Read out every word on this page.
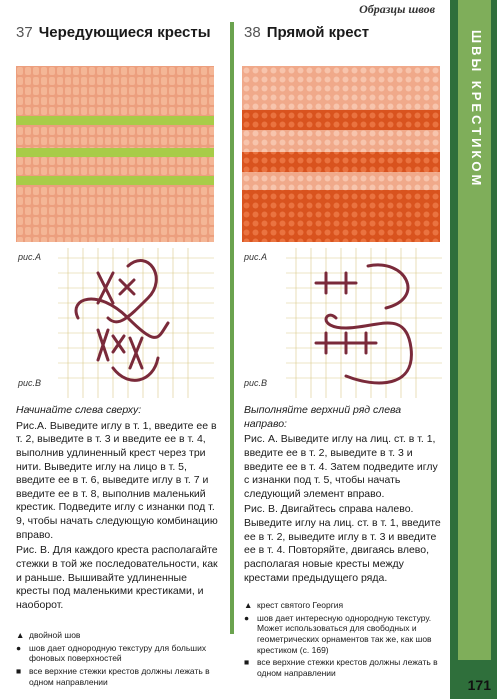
Образцы швов
ШВЫ КРЕСТИКОМ
171
37 Чередующиеся кресты
рис.А
рис.В

Начинайте слева сверху:

Рис.А. Выведите иглу в т. 1, введите ее в т. 2, выведите в т. 3 и введите ее в т. 4, выполнив удлиненный крест через три нити. Выведите иглу на лицо в т. 5, введите ее в т. 6, выведите иглу в т. 7 и введите ее в т. 8, выполнив маленький крестик. Подведите иглу с изнанки под т. 9, чтобы начать следующую комбинацию вправо.

Рис. В. Для каждого креста располагайте стежки в той же последовательности, как и раньше. Вышивайте удлиненные кресты под маленькими крестиками, и наоборот.

▲ двойной шов
● шов дает однородную текстуру для больших фоновых поверхностей
■ все верхние стежки крестов должны лежать в одном направлении
38 Прямой крест
рис.А
рис.В

Выполняйте верхний ряд слева направо:

Рис. А. Выведите иглу на лиц. ст. в т. 1, введите ее в т. 2, выведите в т. 3 и введите ее в т. 4. Затем подведите иглу с изнанки под т. 5, чтобы начать следующий элемент вправо.

Рис. В. Двигайтесь справа налево. Выведите иглу на лиц. ст. в т. 1, введите ее в т. 2, выведите иглу в т. 3 и введите ее в т. 4. Повторяйте, двигаясь влево, располагая новые кресты между крестами предыдущего ряда.

▲ крест святого Георгия
● шов дает интересную однородную текстуру. Может использоваться для свободных и геометрических орнаментов так же, как шов крестиком (с. 169)
■ все верхние стежки крестов должны лежать в одном направлении
